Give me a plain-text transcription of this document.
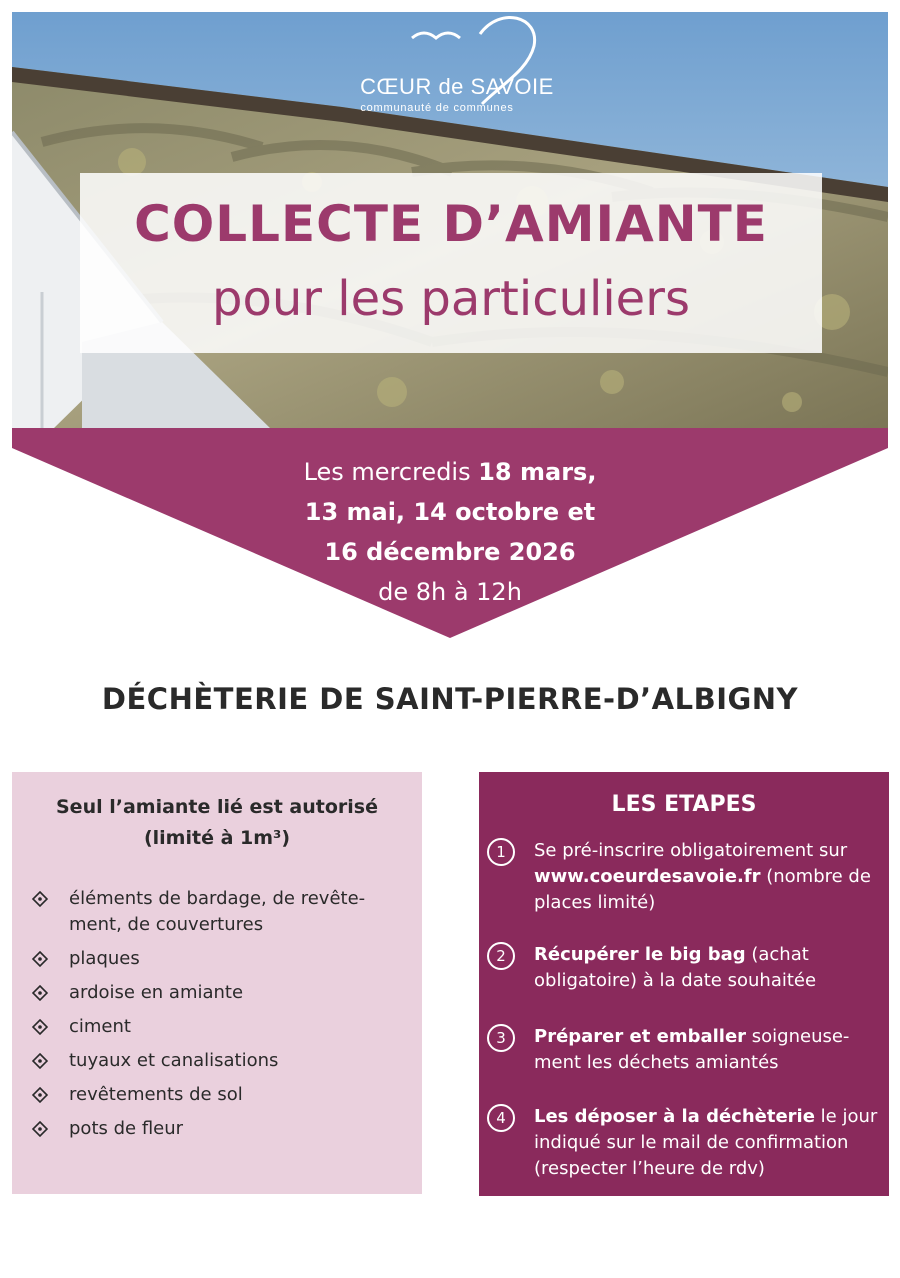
CŒUR de SAVOIE
communauté de communes
COLLECTE D’AMIANTE
pour les particuliers
Les mercredis 18 mars,
13 mai, 14 octobre et
16 décembre 2026
de 8h à 12h
DÉCHÈTERIE DE SAINT-PIERRE-D’ALBIGNY
Seul l’amiante lié est autorisé
(limité à 1m³)
éléments de bardage, de revête-ment, de couvertures
plaques
ardoise en amiante
ciment
tuyaux et canalisations
revêtements de sol
pots de fleur
LES ETAPES
1	Se pré-inscrire obligatoirement sur www.coeurdesavoie.fr (nombre de places limité)
2	Récupérer le big bag (achat obligatoire) à la date souhaitée
3	Préparer et emballer soigneuse-ment les déchets amiantés
4	Les déposer à la déchèterie le jour indiqué sur le mail de confirmation (respecter l’heure de rdv)
